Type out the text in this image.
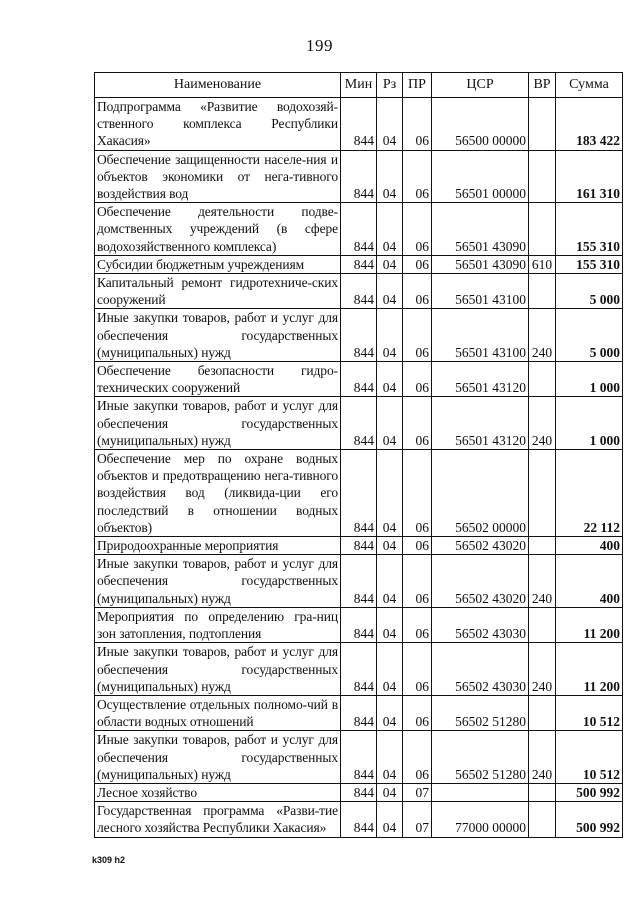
199
Наименование	Мин	Рз	ПР	ЦСР	ВР	Сумма
Подпрограмма «Развитие водохозяй-ственного комплекса Республики Хакасия»	844	04	06	56500 00000		183 422
Обеспечение защищенности населе-ния и объектов экономики от нега-тивного воздействия вод	844	04	06	56501 00000		161 310
Обеспечение деятельности подве-домственных учреждений (в сфере водохозяйственного комплекса)	844	04	06	56501 43090		155 310
Субсидии бюджетным учреждениям	844	04	06	56501 43090	610	155 310
Капитальный ремонт гидротехниче-ских сооружений	844	04	06	56501 43100		5 000
Иные закупки товаров, работ и услуг для обеспечения государственных (муниципальных) нужд	844	04	06	56501 43100	240	5 000
Обеспечение безопасности гидро-технических сооружений	844	04	06	56501 43120		1 000
Иные закупки товаров, работ и услуг для обеспечения государственных (муниципальных) нужд	844	04	06	56501 43120	240	1 000
Обеспечение мер по охране водных объектов и предотвращению нега-тивного воздействия вод (ликвида-ции его последствий в отношении водных объектов)	844	04	06	56502 00000		22 112
Природоохранные мероприятия	844	04	06	56502 43020		400
Иные закупки товаров, работ и услуг для обеспечения государственных (муниципальных) нужд	844	04	06	56502 43020	240	400
Мероприятия по определению гра-ниц зон затопления, подтопления	844	04	06	56502 43030		11 200
Иные закупки товаров, работ и услуг для обеспечения государственных (муниципальных) нужд	844	04	06	56502 43030	240	11 200
Осуществление отдельных полномо-чий в области водных отношений	844	04	06	56502 51280		10 512
Иные закупки товаров, работ и услуг для обеспечения государственных (муниципальных) нужд	844	04	06	56502 51280	240	10 512
Лесное хозяйство	844	04	07			500 992
Государственная программа «Разви-тие лесного хозяйства Республики Хакасия»	844	04	07	77000 00000		500 992
k309 h2
